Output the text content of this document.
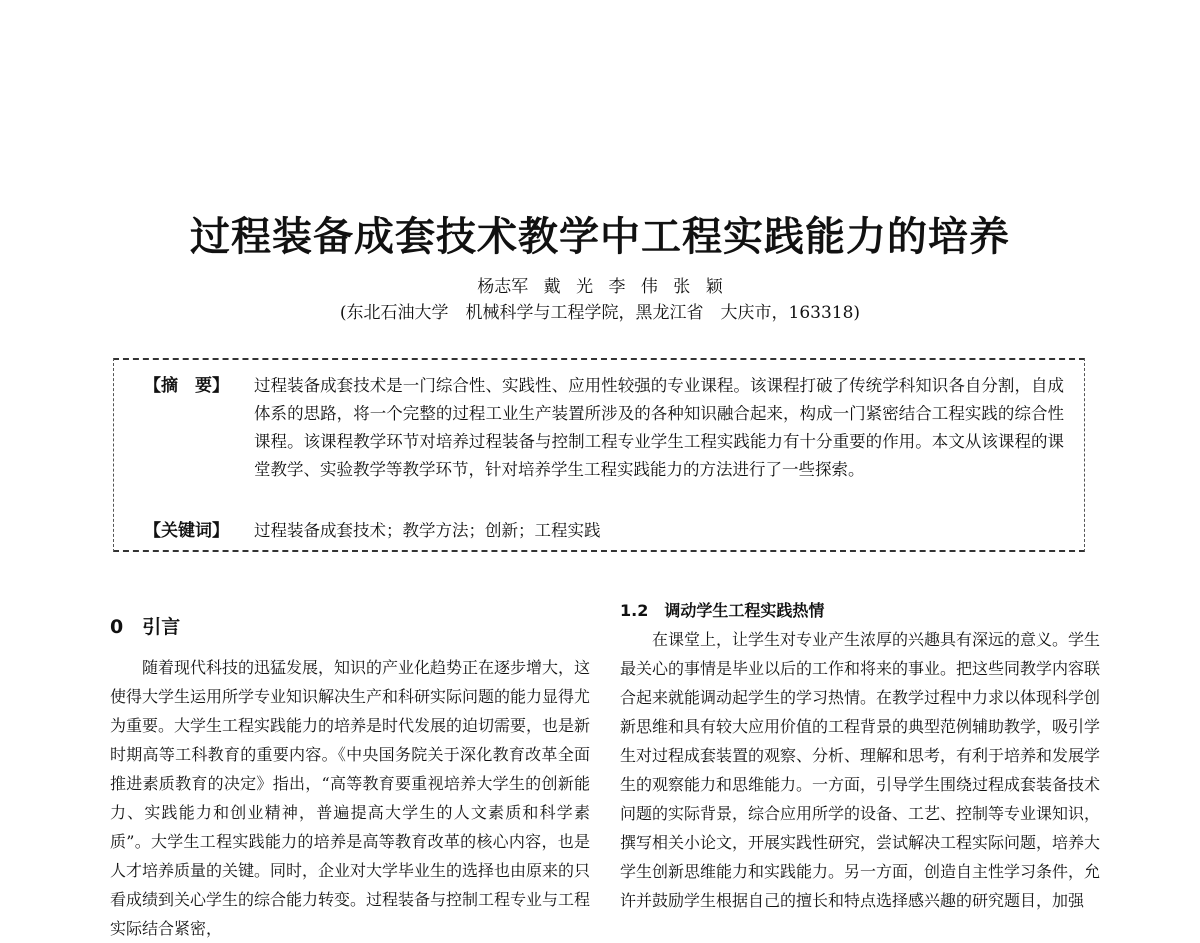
过程装备成套技术教学中工程实践能力的培养
杨志军 戴 光 李 伟 张 颖
(东北石油大学　机械科学与工程学院，黑龙江省　大庆市，163318)
【摘　要】	过程装备成套技术是一门综合性、实践性、应用性较强的专业课程。该课程打破了传统学科知识各自分割，自成体系的思路，将一个完整的过程工业生产装置所涉及的各种知识融合起来，构成一门紧密结合工程实践的综合性课程。该课程教学环节对培养过程装备与控制工程专业学生工程实践能力有十分重要的作用。本文从该课程的课堂教学、实验教学等教学环节，针对培养学生工程实践能力的方法进行了一些探索。
【关键词】	过程装备成套技术；教学方法；创新；工程实践
0　引言

随着现代科技的迅猛发展，知识的产业化趋势正在逐步增大，这使得大学生运用所学专业知识解决生产和科研实际问题的能力显得尤为重要。大学生工程实践能力的培养是时代发展的迫切需要，也是新时期高等工科教育的重要内容。《中央国务院关于深化教育改革全面推进素质教育的决定》指出，“高等教育要重视培养大学生的创新能力、实践能力和创业精神，普遍提高大学生的人文素质和科学素质”。大学生工程实践能力的培养是高等教育改革的核心内容，也是人才培养质量的关键。同时，企业对大学毕业生的选择也由原来的只看成绩到关心学生的综合能力转变。过程装备与控制工程专业与工程实际结合紧密，

1.2　调动学生工程实践热情

在课堂上，让学生对专业产生浓厚的兴趣具有深远的意义。学生最关心的事情是毕业以后的工作和将来的事业。把这些同教学内容联合起来就能调动起学生的学习热情。在教学过程中力求以体现科学创新思维和具有较大应用价值的工程背景的典型范例辅助教学，吸引学生对过程成套装置的观察、分析、理解和思考，有利于培养和发展学生的观察能力和思维能力。一方面，引导学生围绕过程成套装备技术问题的实际背景，综合应用所学的设备、工艺、控制等专业课知识，撰写相关小论文，开展实践性研究，尝试解决工程实际问题，培养大学生创新思维能力和实践能力。另一方面，创造自主性学习条件，允许并鼓励学生根据自己的擅长和特点选择感兴趣的研究题目，加强
